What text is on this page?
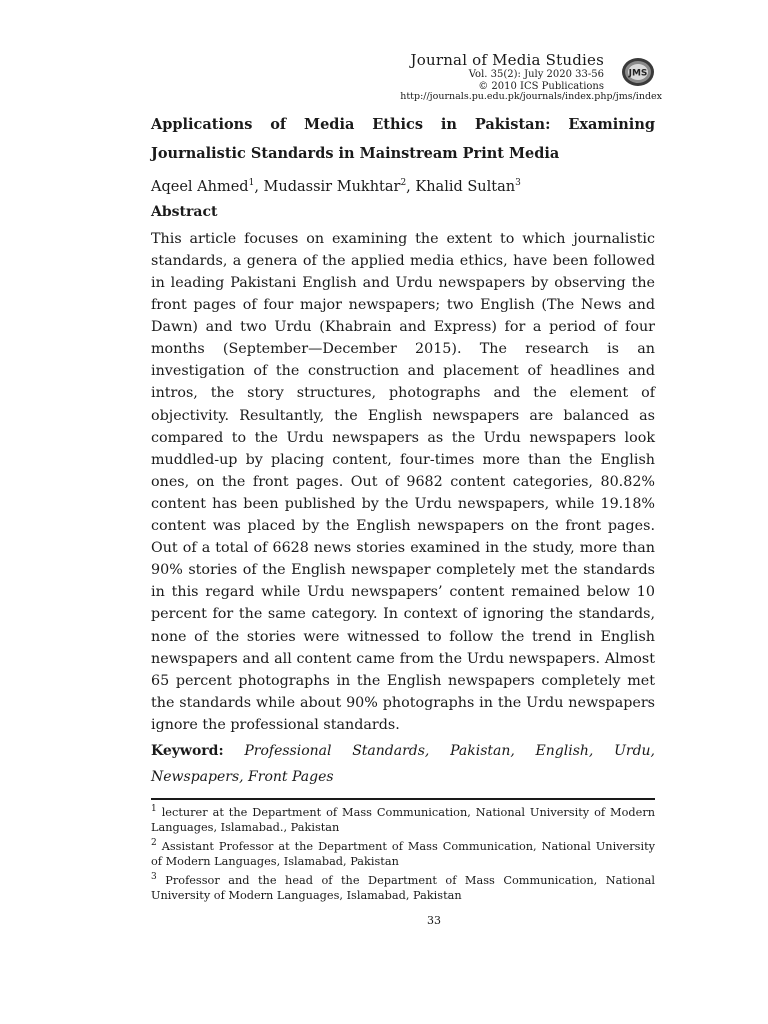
Journal of Media Studies
Vol. 35(2): July 2020 33-56
© 2010 ICS Publications
http://journals.pu.edu.pk/journals/index.php/jms/index
JMS
Applications of Media Ethics in Pakistan: Examining
Journalistic Standards in Mainstream Print Media

Aqeel Ahmed$^1$, Mudassir Mukhtar$^2$, Khalid Sultan$^3$

Abstract

This article focuses on examining the extent to which journalistic standards, a genera of the applied media ethics, have been followed in leading Pakistani English and Urdu newspapers by observing the front pages of four major newspapers; two English (The News and Dawn) and two Urdu (Khabrain and Express) for a period of four months (September—December 2015). The research is an investigation of the construction and placement of headlines and intros, the story structures, photographs and the element of objectivity. Resultantly, the English newspapers are balanced as compared to the Urdu newspapers as the Urdu newspapers look muddled-up by placing content, four-times more than the English ones, on the front pages. Out of 9682 content categories, 80.82% content has been published by the Urdu newspapers, while 19.18% content was placed by the English newspapers on the front pages. Out of a total of 6628 news stories examined in the study, more than 90% stories of the English newspaper completely met the standards in this regard while Urdu newspapers’ content remained below 10 percent for the same category. In context of ignoring the standards, none of the stories were witnessed to follow the trend in English newspapers and all content came from the Urdu newspapers. Almost 65 percent photographs in the English newspapers completely met the standards while about 90% photographs in the Urdu newspapers ignore the professional standards.

Keyword: Professional Standards, Pakistan, English, Urdu, Newspapers, Front Pages

$^1$ lecturer at the Department of Mass Communication, National University of Modern Languages, Islamabad., Pakistan

$^2$ Assistant Professor at the Department of Mass Communication, National University of Modern Languages, Islamabad, Pakistan

$^3$ Professor and the head of the Department of Mass Communication, National University of Modern Languages, Islamabad, Pakistan

33
